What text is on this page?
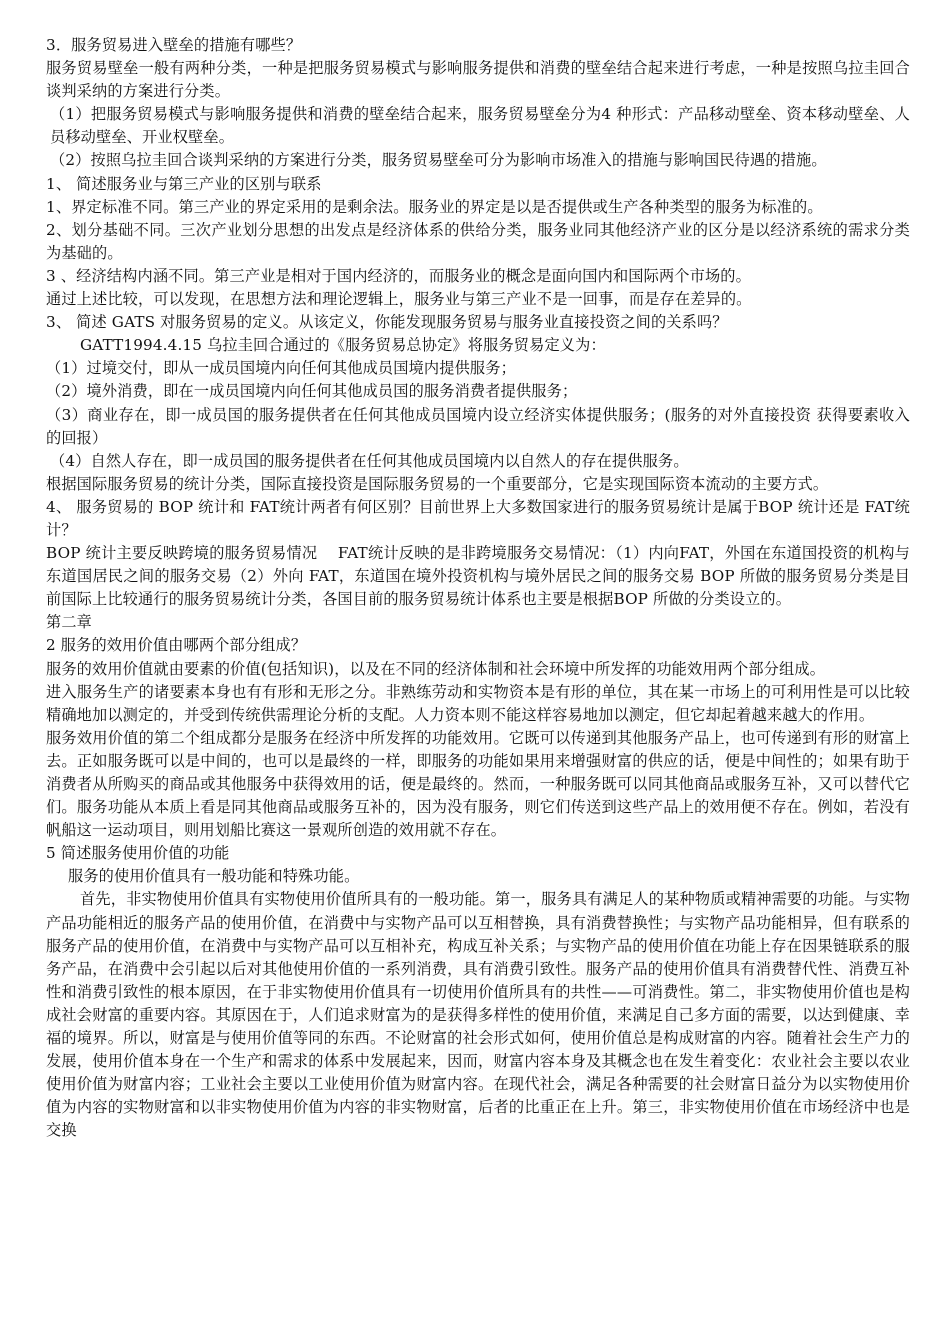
3．服务贸易进入壁垒的措施有哪些？

服务贸易壁垒一般有两种分类，一种是把服务贸易模式与影响服务提供和消费的壁垒结合起来进行考虑，一种是按照乌拉圭回合谈判采纳的方案进行分类。

（1）把服务贸易模式与影响服务提供和消费的壁垒结合起来，服务贸易壁垒分为4 种形式：产品移动壁垒、资本移动壁垒、人员移动壁垒、开业权壁垒。

（2）按照乌拉圭回合谈判采纳的方案进行分类，服务贸易壁垒可分为影响市场准入的措施与影响国民待遇的措施。

1、 简述服务业与第三产业的区别与联系

1、界定标准不同。第三产业的界定采用的是剩余法。服务业的界定是以是否提供或生产各种类型的服务为标准的。

2、划分基础不同。三次产业划分思想的出发点是经济体系的供给分类，服务业同其他经济产业的区分是以经济系统的需求分类为基础的。

3 、经济结构内涵不同。第三产业是相对于国内经济的，而服务业的概念是面向国内和国际两个市场的。

通过上述比较，可以发现，在思想方法和理论逻辑上，服务业与第三产业不是一回事，而是存在差异的。

3、 简述 GATS 对服务贸易的定义。从该定义，你能发现服务贸易与服务业直接投资之间的关系吗？

GATT1994.4.15 乌拉圭回合通过的《服务贸易总协定》将服务贸易定义为：

（1）过境交付，即从一成员国境内向任何其他成员国境内提供服务；

（2）境外消费，即在一成员国境内向任何其他成员国的服务消费者提供服务；

（3）商业存在，即一成员国的服务提供者在任何其他成员国境内设立经济实体提供服务；(服务的对外直接投资 获得要素收入的回报）

（4）自然人存在，即一成员国的服务提供者在任何其他成员国境内以自然人的存在提供服务。

根据国际服务贸易的统计分类，国际直接投资是国际服务贸易的一个重要部分，它是实现国际资本流动的主要方式。

4、 服务贸易的 BOP 统计和 FAT统计两者有何区别？目前世界上大多数国家进行的服务贸易统计是属于BOP 统计还是 FAT统计？

BOP 统计主要反映跨境的服务贸易情况　 FAT统计反映的是非跨境服务交易情况：（1）内向FAT，外国在东道国投资的机构与东道国居民之间的服务交易（2）外向 FAT，东道国在境外投资机构与境外居民之间的服务交易 BOP 所做的服务贸易分类是目前国际上比较通行的服务贸易统计分类，各国目前的服务贸易统计体系也主要是根据BOP 所做的分类设立的。

第二章

2 服务的效用价值由哪两个部分组成？

服务的效用价值就由要素的价值(包括知识)，以及在不同的经济体制和社会环境中所发挥的功能效用两个部分组成。

进入服务生产的诸要素本身也有有形和无形之分。非熟练劳动和实物资本是有形的单位，其在某一市场上的可利用性是可以比较精确地加以测定的，并受到传统供需理论分析的支配。人力资本则不能这样容易地加以测定，但它却起着越来越大的作用。

服务效用价值的第二个组成都分是服务在经济中所发挥的功能效用。它既可以传递到其他服务产品上，也可传递到有形的财富上去。正如服务既可以是中间的，也可以是最终的一样，即服务的功能如果用来增强财富的供应的话，便是中间性的；如果有助于消费者从所购买的商品或其他服务中获得效用的话，便是最终的。然而，一种服务既可以同其他商品或服务互补，又可以替代它们。服务功能从本质上看是同其他商品或服务互补的，因为没有服务，则它们传送到这些产品上的效用便不存在。例如，若没有帆船这一运动项目，则用划船比赛这一景观所创造的效用就不存在。

5 简述服务使用价值的功能

服务的使用价值具有一般功能和特殊功能。

首先，非实物使用价值具有实物使用价值所具有的一般功能。第一，服务具有满足人的某种物质或精神需要的功能。与实物产品功能相近的服务产品的使用价值，在消费中与实物产品可以互相替换，具有消费替换性；与实物产品功能相异，但有联系的服务产品的使用价值，在消费中与实物产品可以互相补充，构成互补关系；与实物产品的使用价值在功能上存在因果链联系的服务产品，在消费中会引起以后对其他使用价值的一系列消费，具有消费引致性。服务产品的使用价值具有消费替代性、消费互补性和消费引致性的根本原因，在于非实物使用价值具有一切使用价值所具有的共性——可消费性。第二，非实物使用价值也是构成社会财富的重要内容。其原因在于，人们追求财富为的是获得多样性的使用价值，来满足自己多方面的需要，以达到健康、幸福的境界。所以，财富是与使用价值等同的东西。不论财富的社会形式如何，使用价值总是构成财富的内容。随着社会生产力的发展，使用价值本身在一个生产和需求的体系中发展起来，因而，财富内容本身及其概念也在发生着变化：农业社会主要以农业使用价值为财富内容；工业社会主要以工业使用价值为财富内容。在现代社会，满足各种需要的社会财富日益分为以实物使用价值为内容的实物财富和以非实物使用价值为内容的非实物财富，后者的比重正在上升。第三，非实物使用价值在市场经济中也是交换
